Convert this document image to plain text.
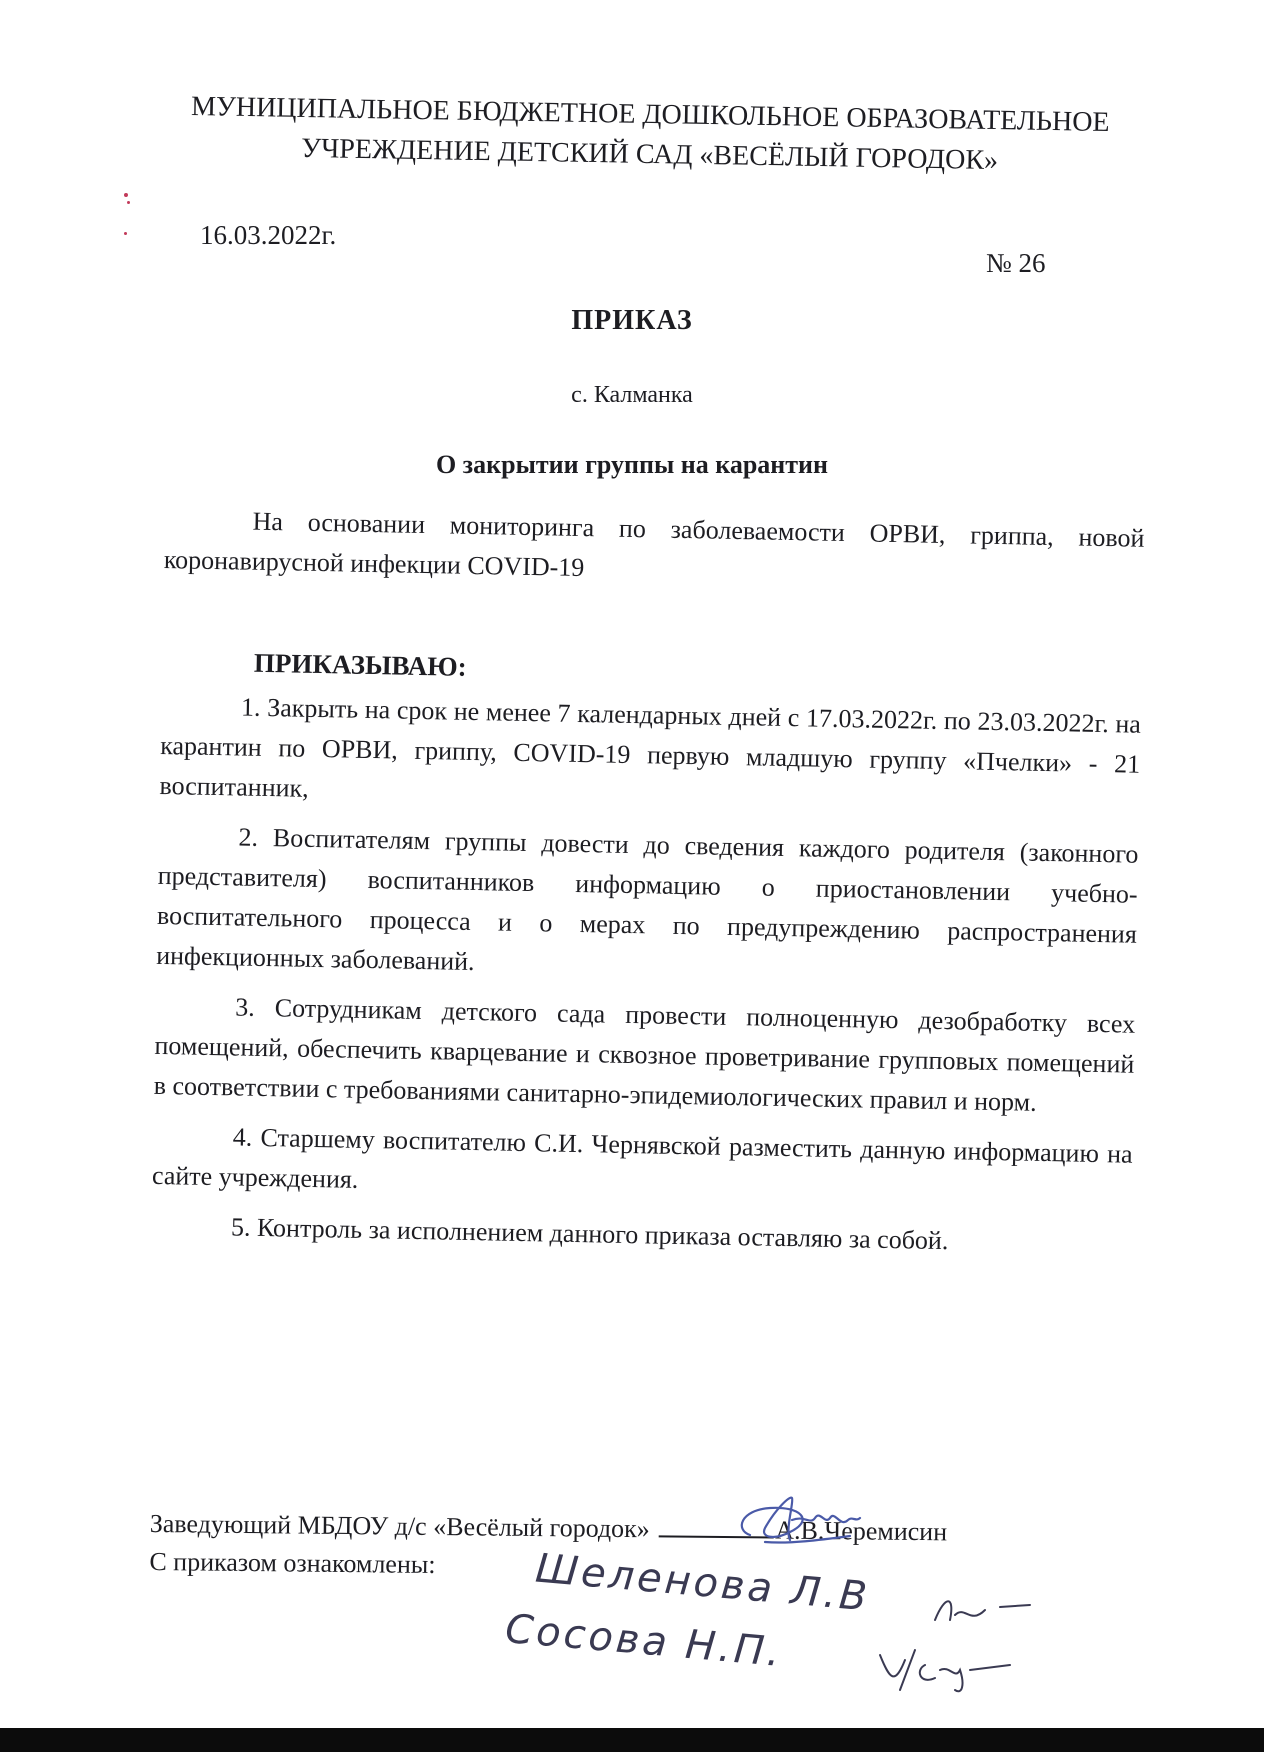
МУНИЦИПАЛЬНОЕ БЮДЖЕТНОЕ ДОШКОЛЬНОЕ ОБРАЗОВАТЕЛЬНОЕ
УЧРЕЖДЕНИЕ ДЕТСКИЙ САД «ВЕСЁЛЫЙ ГОРОДОК»
16.03.2022г.
№ 26
ПРИКАЗ
с. Калманка
О закрытии группы на карантин

На основании мониторинга по заболеваемости ОРВИ, гриппа, новой коронавирусной инфекции COVID-19

ПРИКАЗЫВАЮ:

1. Закрыть на срок не менее 7 календарных дней с 17.03.2022г. по 23.03.2022г. на карантин по ОРВИ, гриппу, COVID-19 первую младшую группу «Пчелки» - 21 воспитанник,

2. Воспитателям группы довести до сведения каждого родителя (законного представителя) воспитанников информацию о приостановлении учебно-воспитательного процесса и о мерах по предупреждению распространения инфекционных заболеваний.

3. Сотрудникам детского сада провести полноценную дезобработку всех помещений, обеспечить кварцевание и сквозное проветривание групповых помещений в соответствии с требованиями санитарно-эпидемиологических правил и норм.

4. Старшему воспитателю С.И. Чернявской разместить данную информацию на сайте учреждения.

5. Контроль за исполнением данного приказа оставляю за собой.

Заведующий МБДОУ д/с «Весёлый городок»	А.В.Черемисин
С приказом ознакомлены:	Шеленова Л.В
Сосова Н.П.
